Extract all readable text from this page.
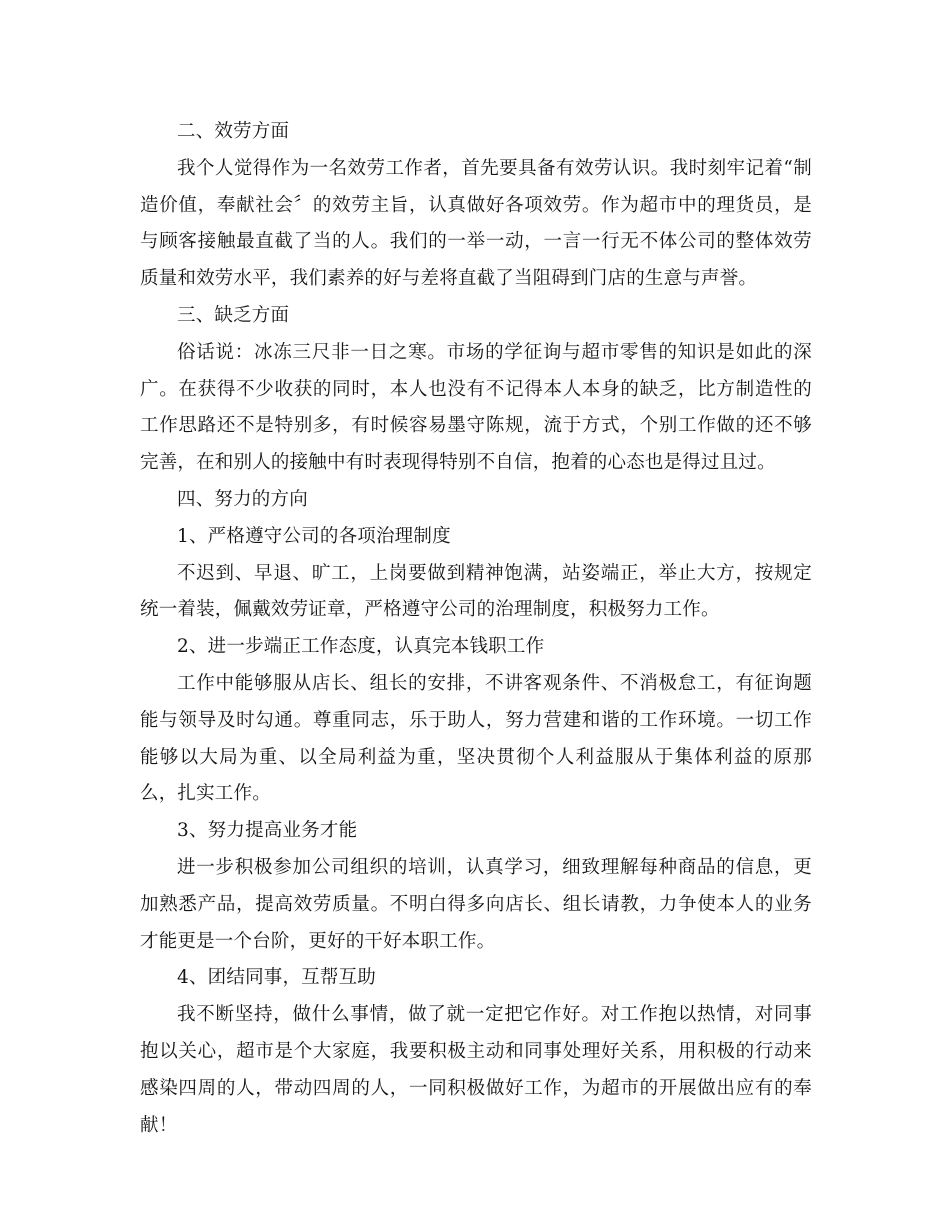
二、效劳方面

我个人觉得作为一名效劳工作者，首先要具备有效劳认识。我时刻牢记着“制造价值，奉献社会〞的效劳主旨，认真做好各项效劳。作为超市中的理货员，是与顾客接触最直截了当的人。我们的一举一动，一言一行无不体公司的整体效劳质量和效劳水平，我们素养的好与差将直截了当阻碍到门店的生意与声誉。

三、缺乏方面

俗话说：冰冻三尺非一日之寒。市场的学征询与超市零售的知识是如此的深广。在获得不少收获的同时，本人也没有不记得本人本身的缺乏，比方制造性的工作思路还不是特别多，有时候容易墨守陈规，流于方式，个别工作做的还不够完善，在和别人的接触中有时表现得特别不自信，抱着的心态也是得过且过。

四、努力的方向

1、严格遵守公司的各项治理制度

不迟到、早退、旷工，上岗要做到精神饱满，站姿端正，举止大方，按规定统一着装，佩戴效劳证章，严格遵守公司的治理制度，积极努力工作。

2、进一步端正工作态度，认真完本钱职工作

工作中能够服从店长、组长的安排，不讲客观条件、不消极怠工，有征询题能与领导及时勾通。尊重同志，乐于助人，努力营建和谐的工作环境。一切工作能够以大局为重、以全局利益为重，坚决贯彻个人利益服从于集体利益的原那么，扎实工作。

3、努力提高业务才能

进一步积极参加公司组织的培训，认真学习，细致理解每种商品的信息，更加熟悉产品，提高效劳质量。不明白得多向店长、组长请教，力争使本人的业务才能更是一个台阶，更好的干好本职工作。

4、团结同事，互帮互助

我不断坚持，做什么事情，做了就一定把它作好。对工作抱以热情，对同事抱以关心，超市是个大家庭，我要积极主动和同事处理好关系，用积极的行动来感染四周的人，带动四周的人，一同积极做好工作，为超市的开展做出应有的奉献！
